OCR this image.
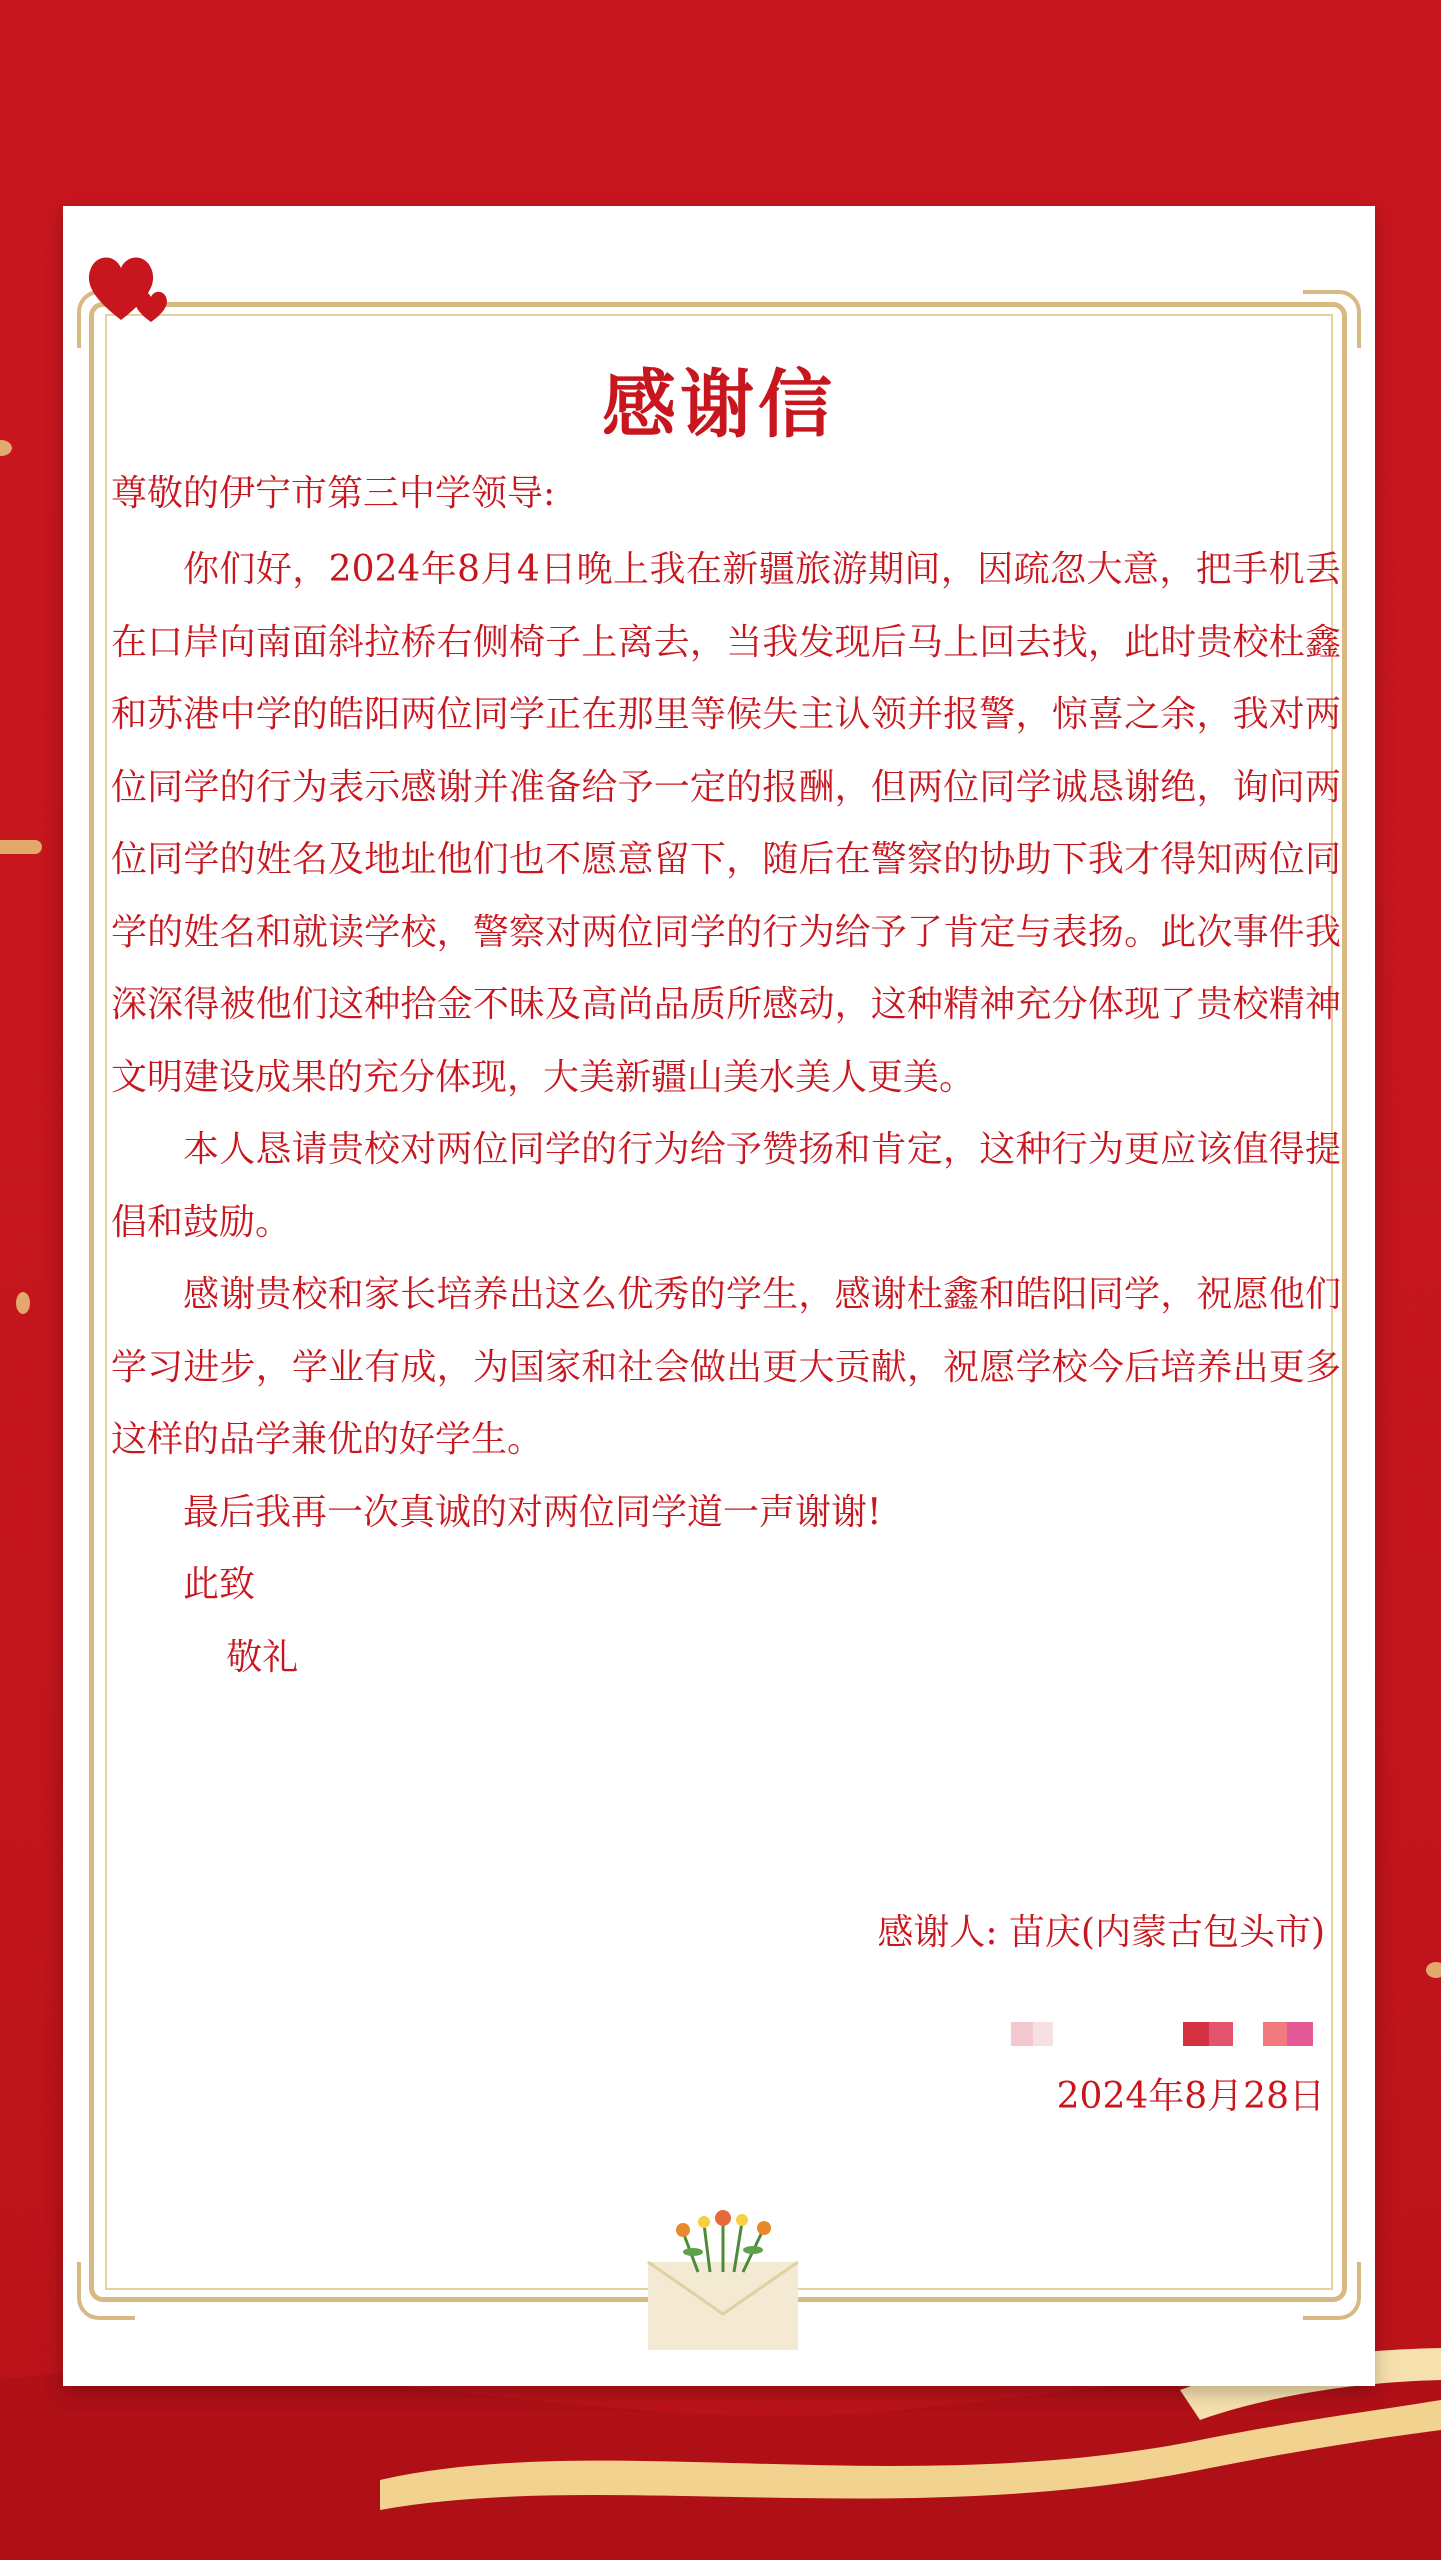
感谢信
尊敬的伊宁市第三中学领导:

你们好，2024年8月4日晚上我在新疆旅游期间，因疏忽大意，把手机丢在口岸向南面斜拉桥右侧椅子上离去，当我发现后马上回去找，此时贵校杜鑫和苏港中学的皓阳两位同学正在那里等候失主认领并报警，惊喜之余，我对两位同学的行为表示感谢并准备给予一定的报酬，但两位同学诚恳谢绝，询问两位同学的姓名及地址他们也不愿意留下，随后在警察的协助下我才得知两位同学的姓名和就读学校，警察对两位同学的行为给予了肯定与表扬。此次事件我深深得被他们这种拾金不昧及高尚品质所感动，这种精神充分体现了贵校精神文明建设成果的充分体现，大美新疆山美水美人更美。

本人恳请贵校对两位同学的行为给予赞扬和肯定，这种行为更应该值得提倡和鼓励。

感谢贵校和家长培养出这么优秀的学生，感谢杜鑫和皓阳同学，祝愿他们学习进步，学业有成，为国家和社会做出更大贡献，祝愿学校今后培养出更多这样的品学兼优的好学生。

最后我再一次真诚的对两位同学道一声谢谢!

此致

敬礼

感谢人: 苗庆(内蒙古包头市)
2024年8月28日
